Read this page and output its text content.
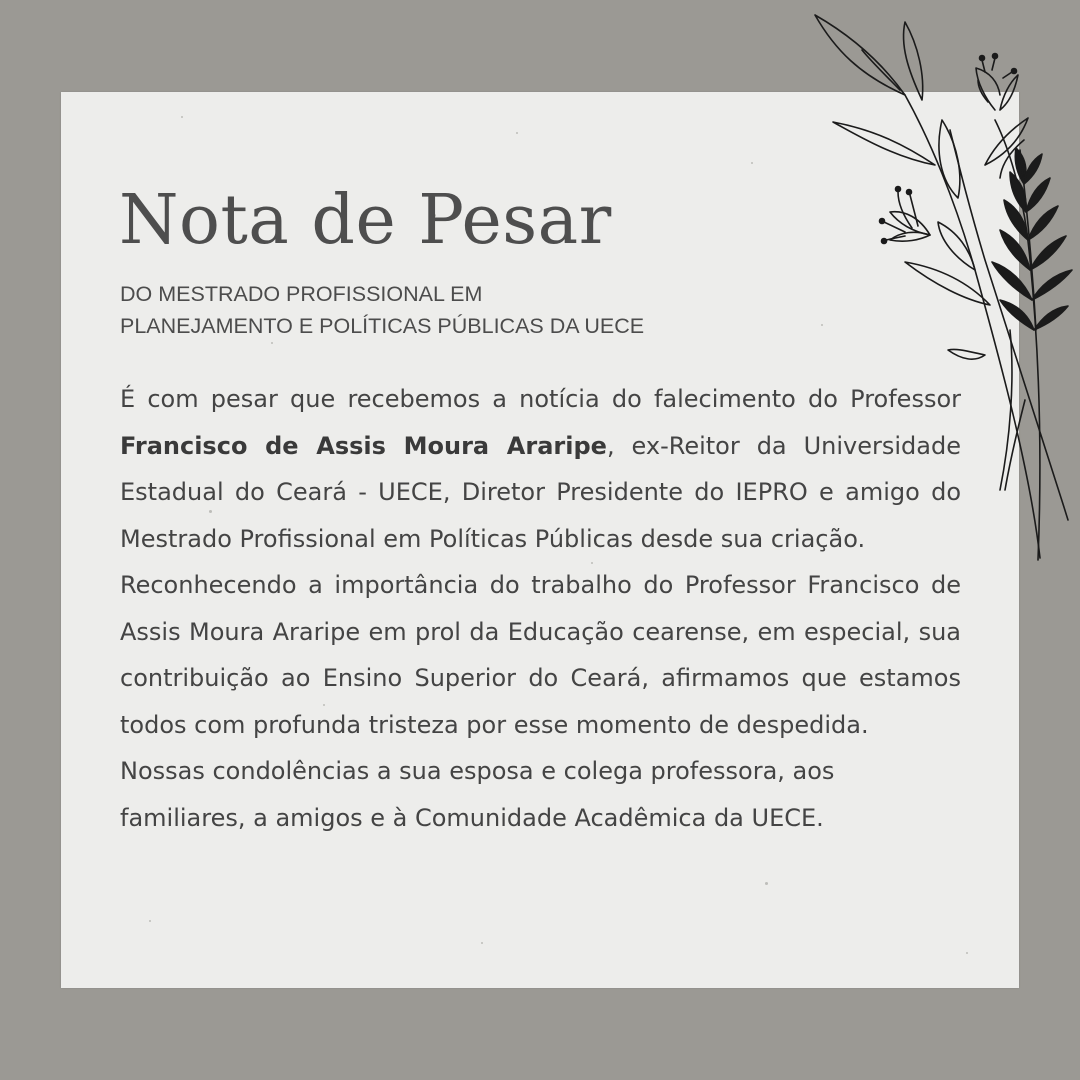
Nota de Pesar
DO MESTRADO PROFISSIONAL EM
PLANEJAMENTO E POLÍTICAS PÚBLICAS DA UECE

É com pesar que recebemos a notícia do falecimento do Professor Francisco de Assis Moura Araripe, ex-Reitor da Universidade Estadual do Ceará - UECE, Diretor Presidente do IEPRO e amigo do Mestrado Profissional em Políticas Públicas desde sua criação.

Reconhecendo a importância do trabalho do Professor Francisco de Assis Moura Araripe em prol da Educação cearense, em especial, sua contribuição ao Ensino Superior do Ceará, afirmamos que estamos todos com profunda tristeza por esse momento de despedida.

Nossas condolências a sua esposa e colega professora, aos familiares, a amigos e à Comunidade Acadêmica da UECE.
